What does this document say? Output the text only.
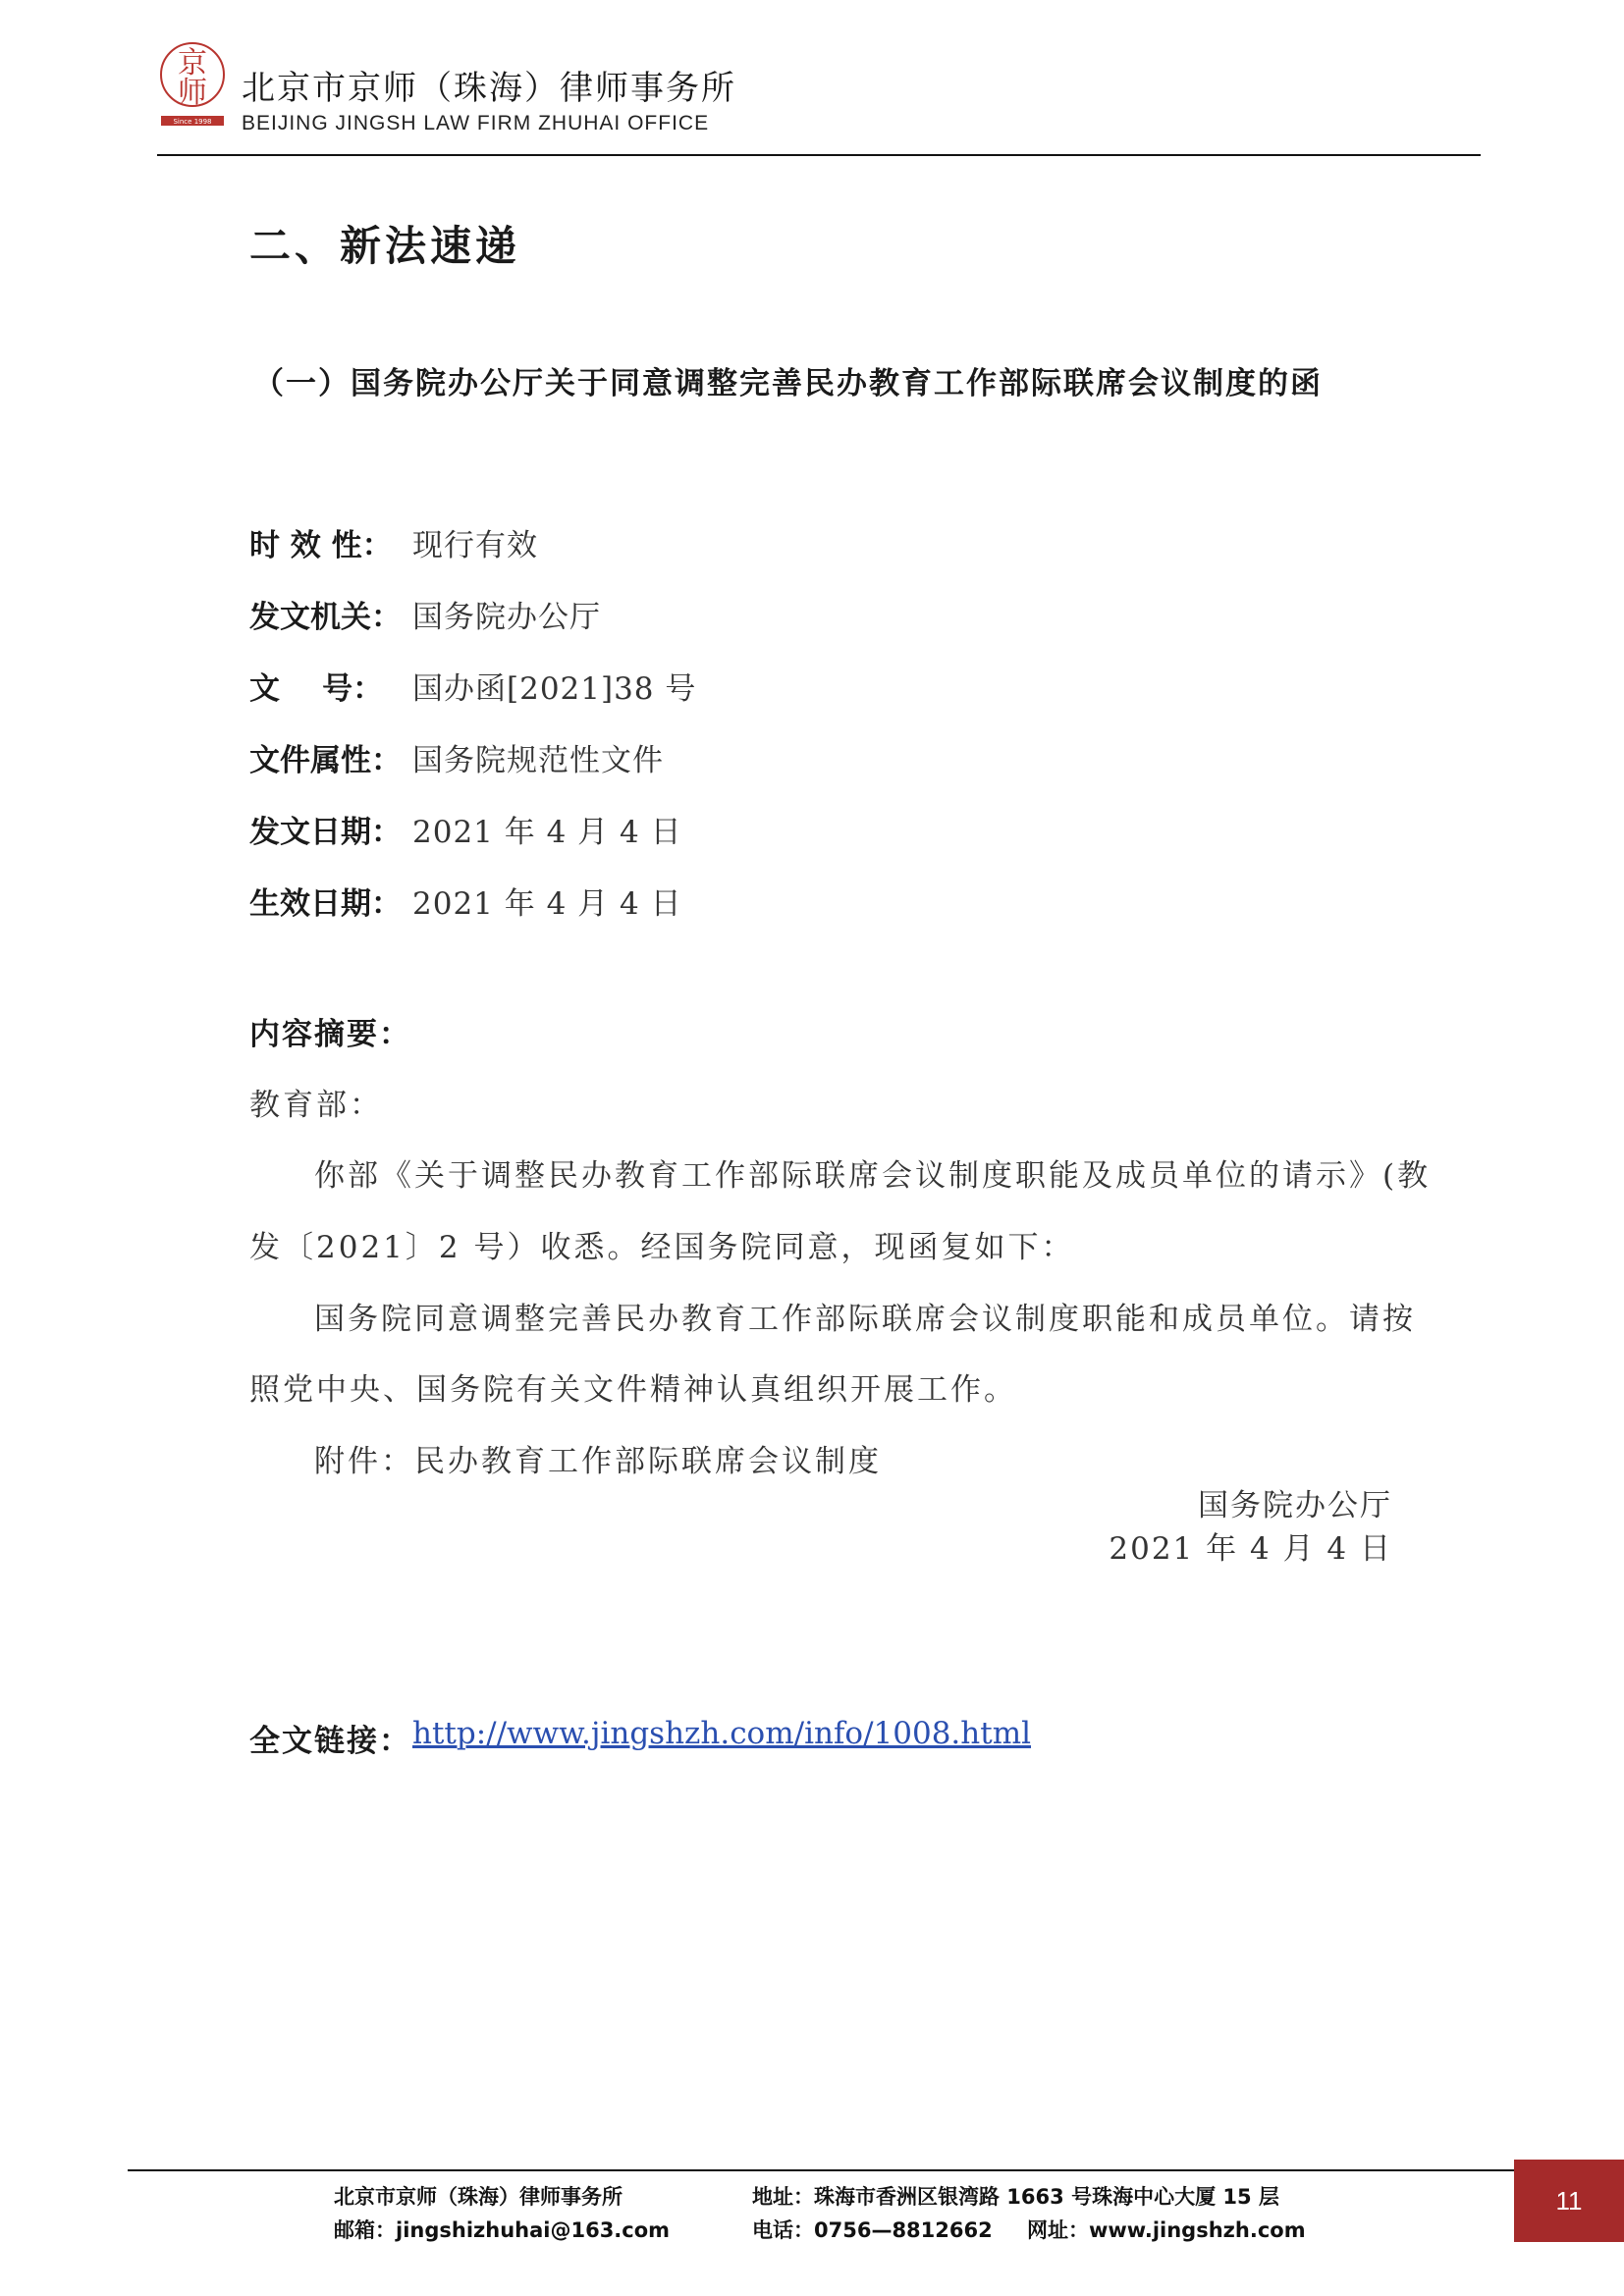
京
师
Since 1998
北京市京师（珠海）律师事务所
BEIJING JINGSH LAW FIRM ZHUHAI OFFICE
二、新法速递
（一）国务院办公厅关于同意调整完善民办教育工作部际联席会议制度的函
时 效 性： 现行有效
发文机关： 国务院办公厅
文    号： 国办函[2021]38 号
文件属性： 国务院规范性文件
发文日期： 2021 年 4 月 4 日
生效日期： 2021 年 4 月 4 日
内容摘要：
教育部：
你部《关于调整民办教育工作部际联席会议制度职能及成员单位的请示》(教
发〔2021〕2 号）收悉。经国务院同意，现函复如下：
国务院同意调整完善民办教育工作部际联席会议制度职能和成员单位。请按
照党中央、国务院有关文件精神认真组织开展工作。
附件：民办教育工作部际联席会议制度
国务院办公厅
2021 年 4 月 4 日
全文链接： http://www.jingshzh.com/info/1008.html
北京市京师（珠海）律师事务所	地址：珠海市香洲区银湾路 1663 号珠海中心大厦 15 层
邮箱：jingshizhuhai@163.com	电话：0756—8812662 网址：www.jingshzh.com
11
